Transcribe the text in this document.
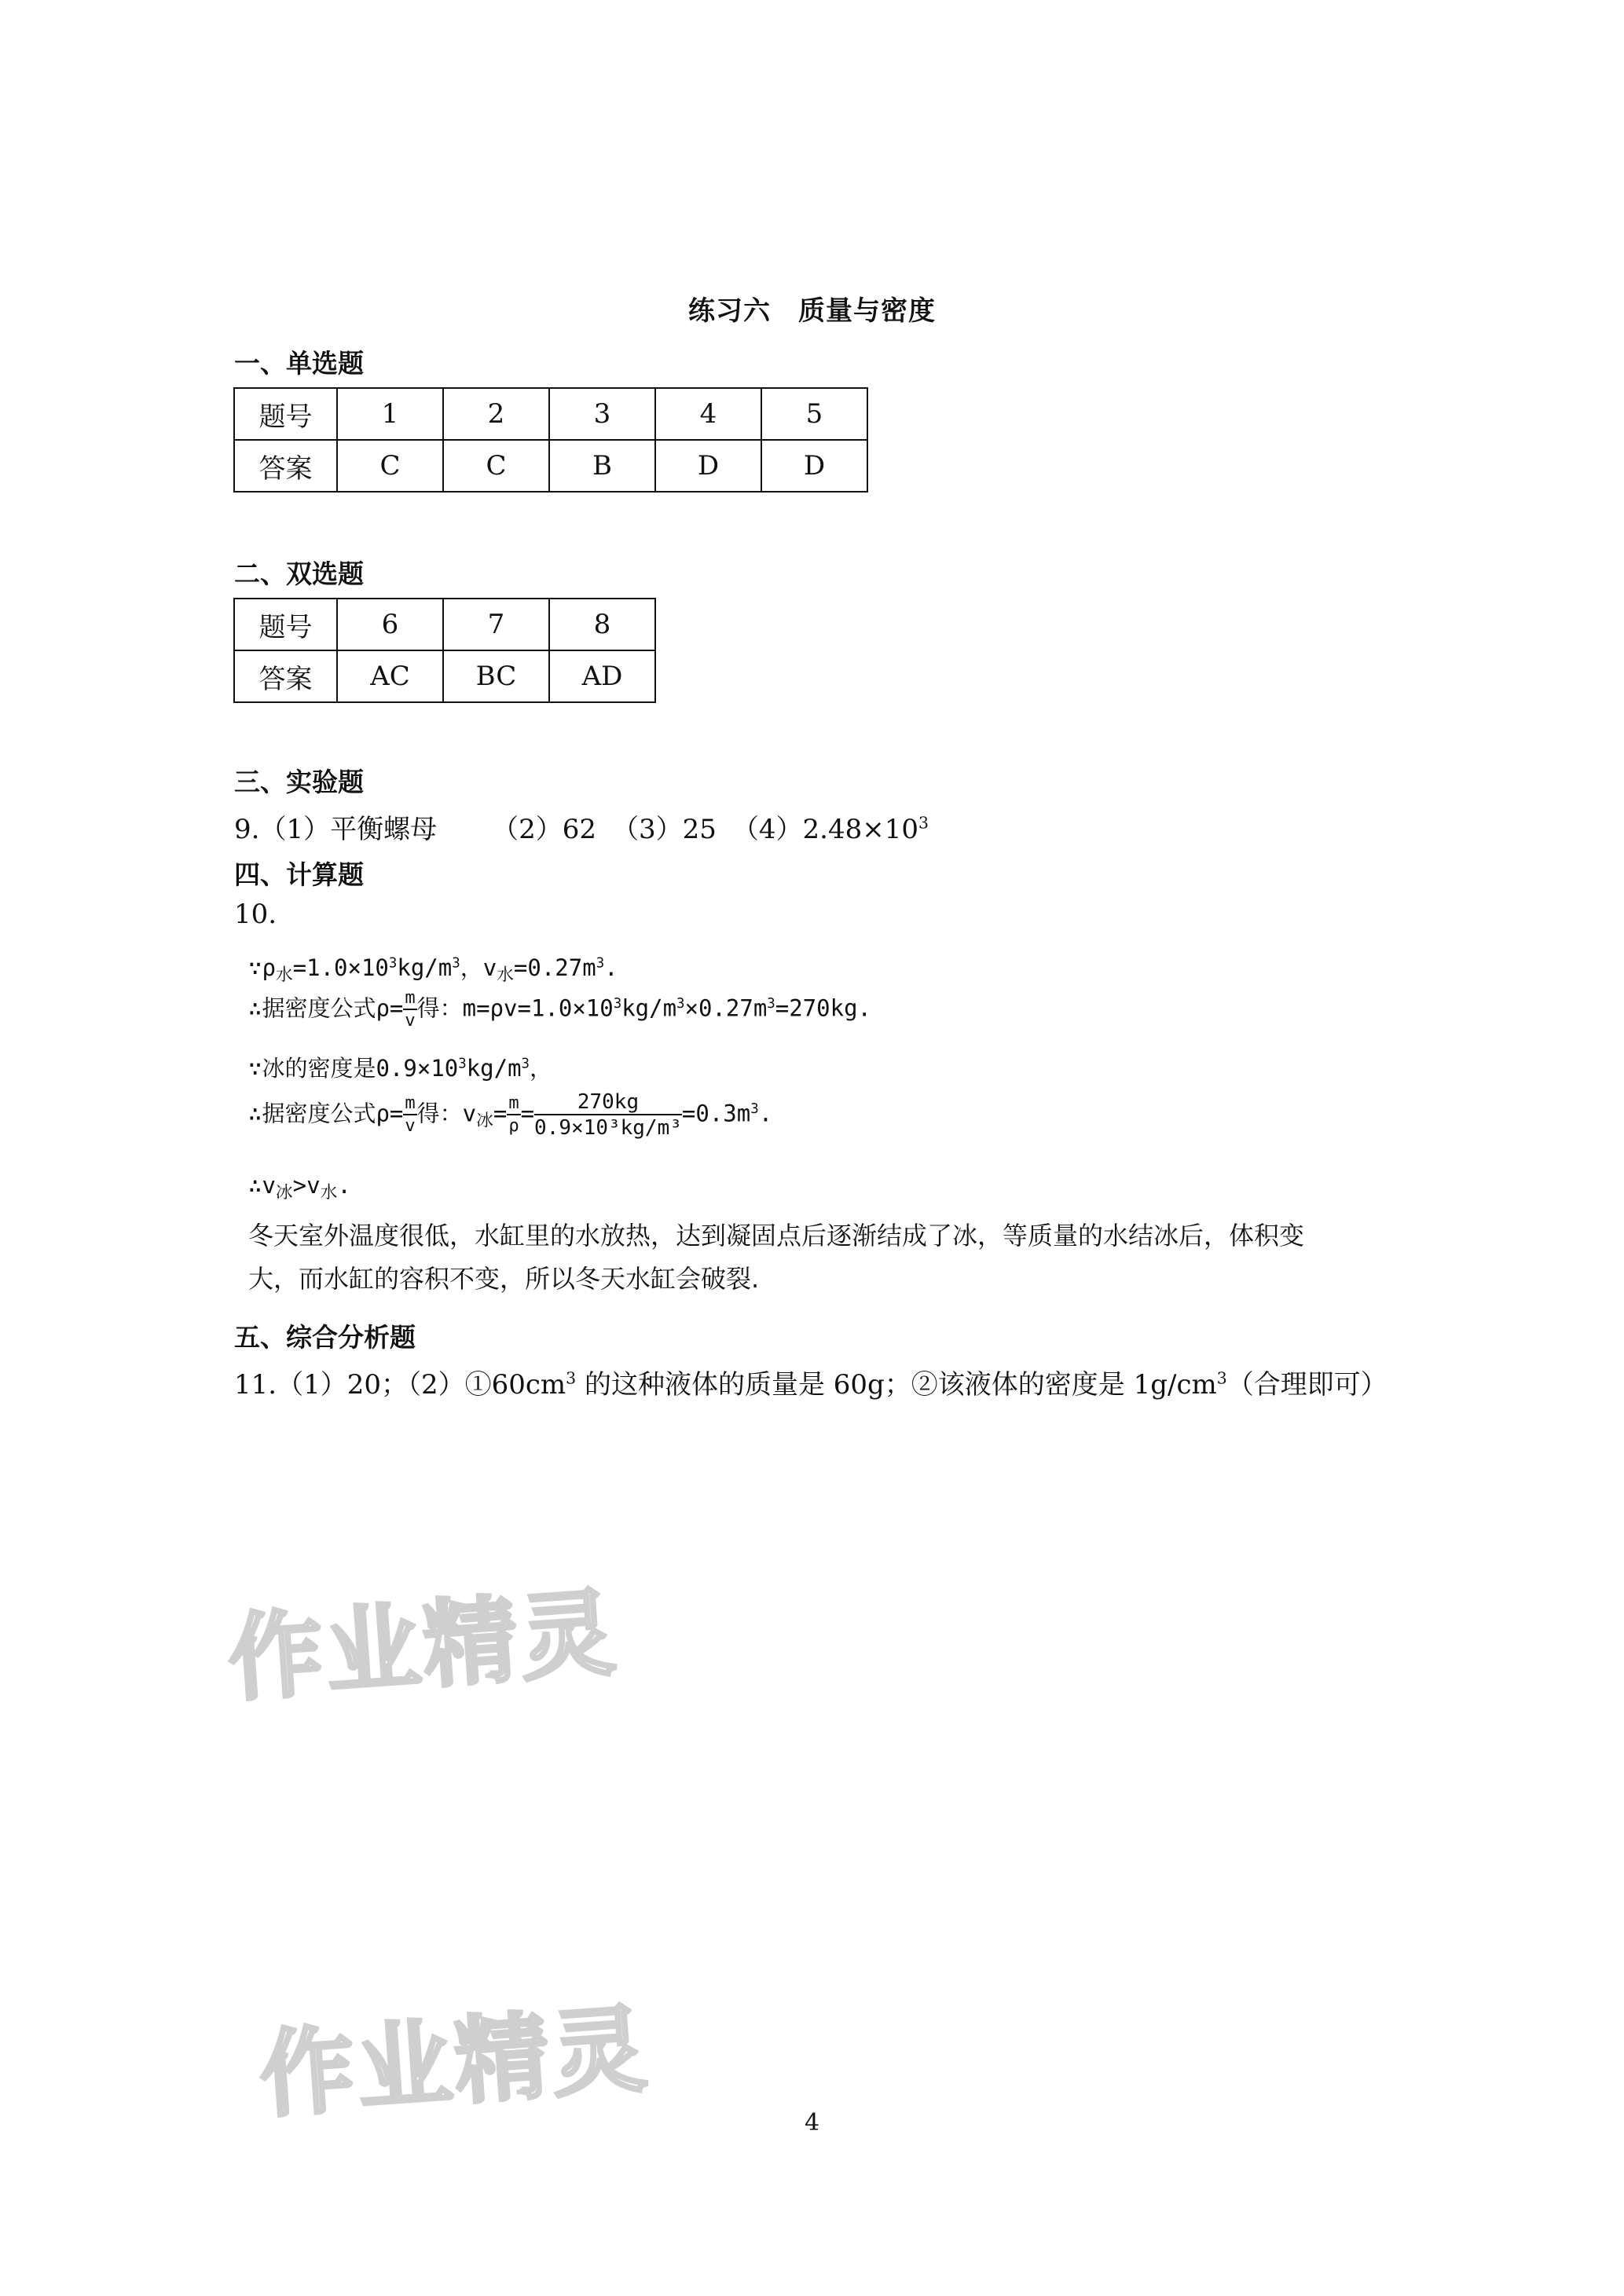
练习六　质量与密度
一、单选题
题号	1	2	3	4	5
答案	C	C	B	D	D
二、双选题
题号	6	7	8
答案	AC	BC	AD
三、实验题
9.（1）平衡螺母 （2）62 （3）25 $(4)2.48\times 10^3$
四、计算题
10.
$\because\rho_水=1.0\times 10^3kg/m^3$，$v_水=0.27m^3$.
∴据密度公式$\rho= \frac{m}{v}$ 得：$m=\rho v=1.0\times 10^3kg/m^3\times 0.27m^3=270kg$.
∵冰的密度是$0.9\times 10^3kg/m^3$，
∴据密度公式$\rho= \frac{m}{v}$ 得：$v_冰= \frac{m}{\rho} = \frac{270kg}{\text{0.9×10³kg/m³}} =0.3m^3$.
$\therefore v_冰>v_水$.
冬天室外温度很低，水缸里的水放热，达到凝固点后逐渐结成了冰，等质量的水结冰后，体积变
大，而水缸的容积不变，所以冬天水缸会破裂.
五、综合分析题
11.（1）20；$(2)①60cm^3$ 的这种液体的质量是 60g；②该液体的密度是 $1g/cm^3$（合理即可）
作业精灵
作业精灵	4
